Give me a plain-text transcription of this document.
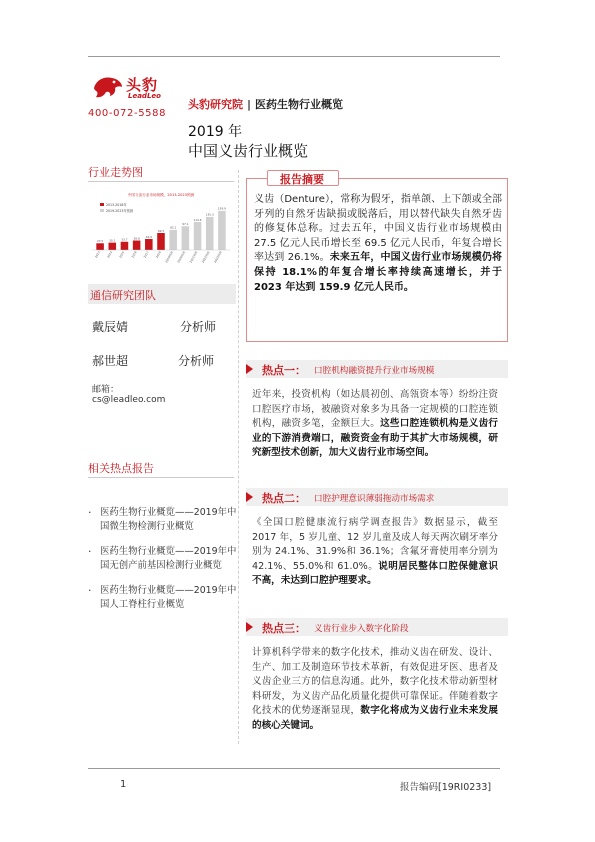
头豹
LeadLeo
400-072-5588
头豹研究院 | 医药生物行业概览
2019 年
中国义齿行业概览
行业走势图
中国义齿行业市场规模，2013-2023预测
2013-2018年
2019-2023年预测
27.5
2013
30.1
2014
33.7
2015
38.8
2016
44.9
2017
69.5
2018
82.1
2019预测
97.1
2020预测
114.6
2021预测
135.3
2022预测
159.9
2023预测
通信研究团队
戴辰婧	分析师
郝世超	分析师
邮箱：
cs@leadleo.com
相关热点报告
· 医药生物行业概览——2019年中国微生物检测行业概览
· 医药生物行业概览——2019年中国无创产前基因检测行业概览
· 医药生物行业概览——2019年中国人工脊柱行业概览
报告摘要
义齿（Denture），常称为假牙，指单颌、上下颌或全部牙列的自然牙齿缺损或脱落后，用以替代缺失自然牙齿的修复体总称。过去五年，中国义齿行业市场规模由 27.5 亿元人民币增长至 69.5 亿元人民币，年复合增长率达到 26.1%。未来五年，中国义齿行业市场规模仍将保持 18.1%的年复合增长率持续高速增长，并于 2023 年达到 159.9 亿元人民币。
热点一： 口腔机构融资提升行业市场规模
近年来，投资机构（如达晨初创、高瓴资本等）纷纷注资口腔医疗市场，被融资对象多为具备一定规模的口腔连锁机构，融资多笔，金额巨大。这些口腔连锁机构是义齿行业的下游消费端口，融资资金有助于其扩大市场规模，研究新型技术创新，加大义齿行业市场空间。
热点二： 口腔护理意识薄弱拖动市场需求
《全国口腔健康流行病学调查报告》数据显示，截至 2017 年，5 岁儿童、12 岁儿童及成人每天两次刷牙率分别为 24.1%、31.9%和 36.1%；含氟牙膏使用率分别为 42.1%、55.0%和 61.0%。说明居民整体口腔保健意识不高，未达到口腔护理要求。
热点三： 义齿行业步入数字化阶段
计算机科学带来的数字化技术，推动义齿在研发、设计、生产、加工及制造环节技术革新，有效促进牙医、患者及义齿企业三方的信息沟通。此外，数字化技术带动新型材料研发，为义齿产品化质量化提供可靠保证。伴随着数字化技术的优势逐渐显现，数字化将成为义齿行业未来发展的核心关键词。
1	报告编码[19RI0233]
